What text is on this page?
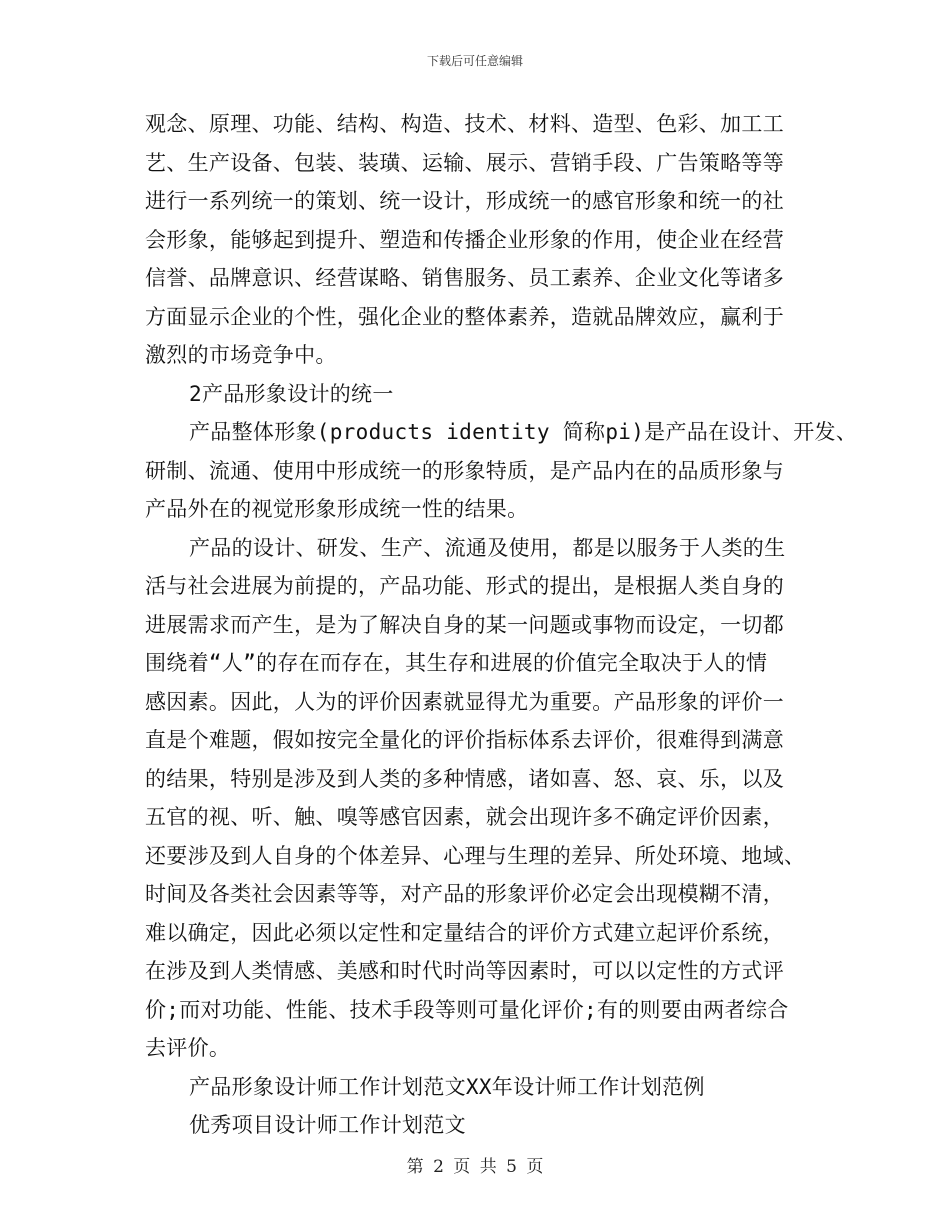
下载后可任意编辑
观念、原理、功能、结构、构造、技术、材料、造型、色彩、加工工
艺、生产设备、包装、装璜、运输、展示、营销手段、广告策略等等
进行一系列统一的策划、统一设计，形成统一的感官形象和统一的社
会形象，能够起到提升、塑造和传播企业形象的作用，使企业在经营
信誉、品牌意识、经营谋略、销售服务、员工素养、企业文化等诸多
方面显示企业的个性，强化企业的整体素养，造就品牌效应，赢利于
激烈的市场竞争中。
2产品形象设计的统一
产品整体形象(products identity 简称pi)是产品在设计、开发、
研制、流通、使用中形成统一的形象特质，是产品内在的品质形象与
产品外在的视觉形象形成统一性的结果。
产品的设计、研发、生产、流通及使用，都是以服务于人类的生
活与社会进展为前提的，产品功能、形式的提出，是根据人类自身的
进展需求而产生，是为了解决自身的某一问题或事物而设定，一切都
围绕着“人”的存在而存在，其生存和进展的价值完全取决于人的情
感因素。因此，人为的评价因素就显得尤为重要。产品形象的评价一
直是个难题，假如按完全量化的评价指标体系去评价，很难得到满意
的结果，特别是涉及到人类的多种情感，诸如喜、怒、哀、乐，以及
五官的视、听、触、嗅等感官因素，就会出现许多不确定评价因素，
还要涉及到人自身的个体差异、心理与生理的差异、所处环境、地域、
时间及各类社会因素等等，对产品的形象评价必定会出现模糊不清，
难以确定，因此必须以定性和定量结合的评价方式建立起评价系统，
在涉及到人类情感、美感和时代时尚等因素时，可以以定性的方式评
价;而对功能、性能、技术手段等则可量化评价;有的则要由两者综合
去评价。
产品形象设计师工作计划范文XX年设计师工作计划范例
优秀项目设计师工作计划范文
第 2 页 共 5 页
